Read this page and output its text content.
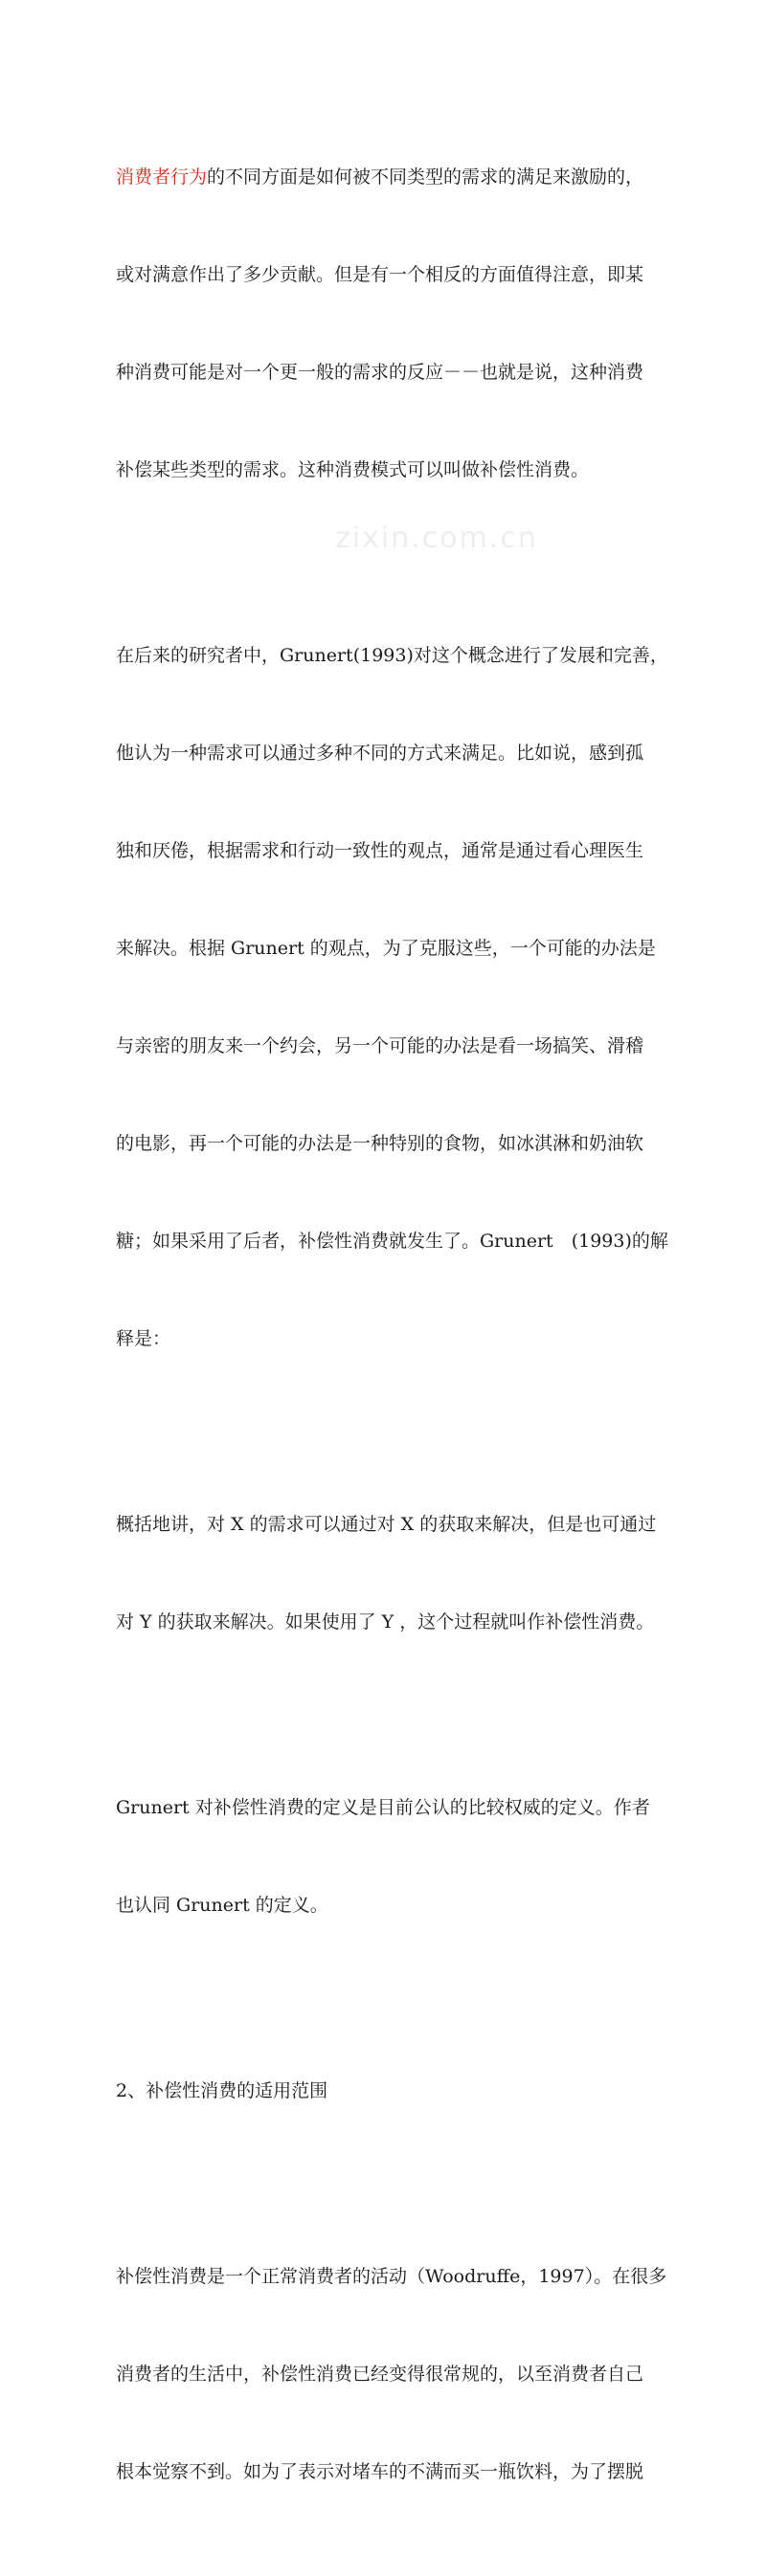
消费者行为的不同方面是如何被不同类型的需求的满足来激励的，

或对满意作出了多少贡献。但是有一个相反的方面值得注意，即某

种消费可能是对一个更一般的需求的反应－－也就是说，这种消费

补偿某些类型的需求。这种消费模式可以叫做补偿性消费。

在后来的研究者中，Grunert(1993)对这个概念进行了发展和完善，

他认为一种需求可以通过多种不同的方式来满足。比如说，感到孤

独和厌倦，根据需求和行动一致性的观点，通常是通过看心理医生

来解决。根据 Grunert 的观点，为了克服这些，一个可能的办法是

与亲密的朋友来一个约会，另一个可能的办法是看一场搞笑、滑稽

的电影，再一个可能的办法是一种特别的食物，如冰淇淋和奶油软

糖；如果采用了后者，补偿性消费就发生了。Grunert　(1993)的解

释是：

概括地讲，对 X 的需求可以通过对 X 的获取来解决，但是也可通过

对 Y 的获取来解决。如果使用了 Y ，这个过程就叫作补偿性消费。

Grunert 对补偿性消费的定义是目前公认的比较权威的定义。作者

也认同 Grunert 的定义。

2、补偿性消费的适用范围

补偿性消费是一个正常消费者的活动（Woodruffe，1997）。在很多

消费者的生活中，补偿性消费已经变得很常规的，以至消费者自己

根本觉察不到。如为了表示对堵车的不满而买一瓶饮料，为了摆脱

zixin.com.cn
